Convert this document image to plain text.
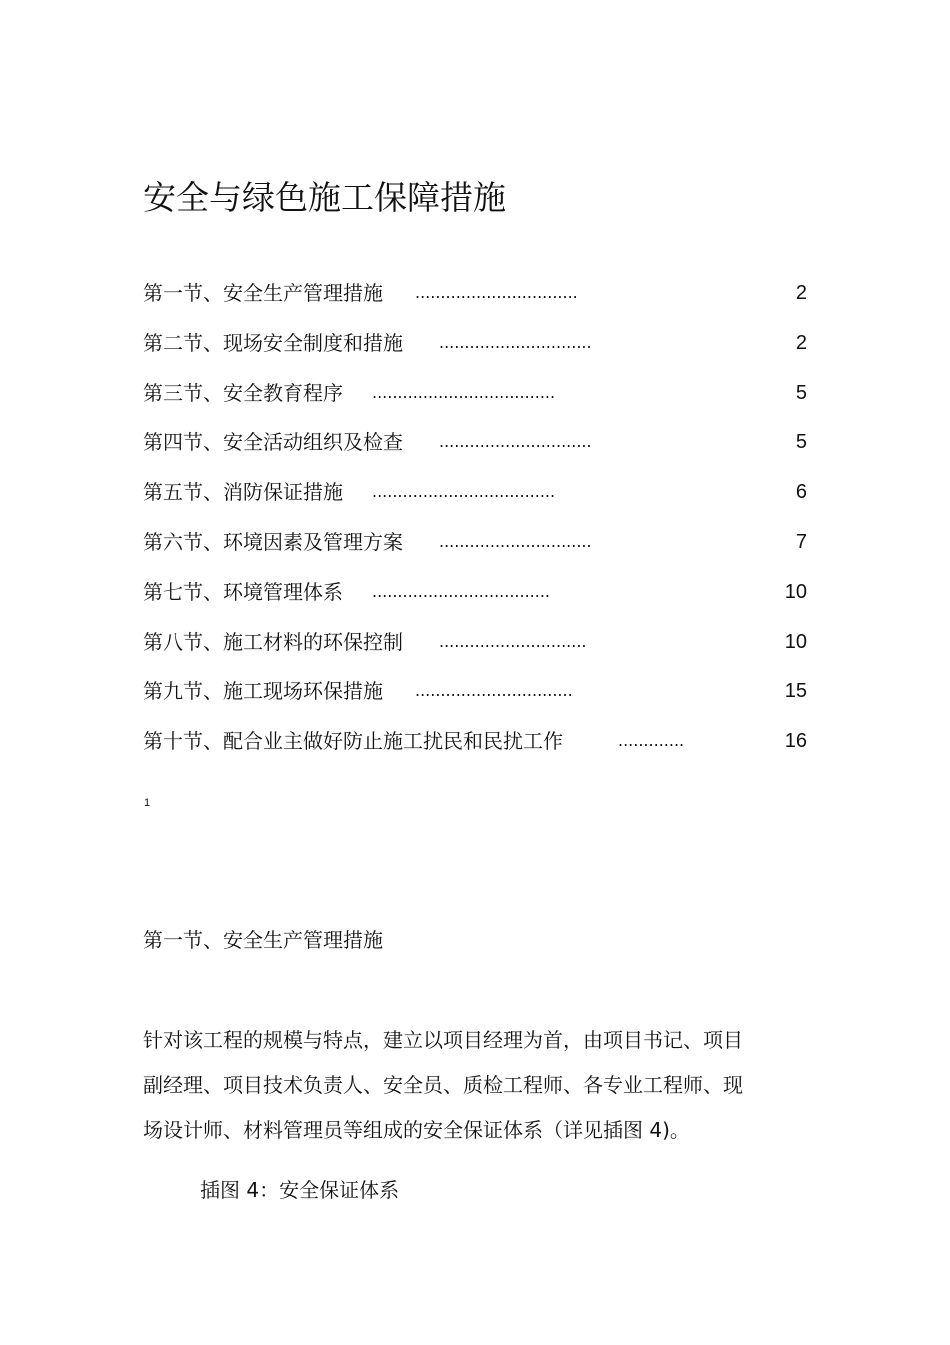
安全与绿色施工保障措施
第一节、安全生产管理措施 ................................	2
第二节、现场安全制度和措施 ..............................	2
第三节、安全教育程序 ....................................	5
第四节、安全活动组织及检查 ..............................	5
第五节、消防保证措施 ....................................	6
第六节、环境因素及管理方案 ..............................	7
第七节、环境管理体系 ...................................	10
第八节、施工材料的环保控制 .............................	10
第九节、施工现场环保措施 ...............................	15
第十节、配合业主做好防止施工扰民和民扰工作	.............	16
1
第一节、安全生产管理措施
针对该工程的规模与特点，建立以项目经理为首，由项目书记、项目
副经理、项目技术负责人、安全员、质检工程师、各专业工程师、现
场设计师、材料管理员等组成的安全保证体系（详见插图 4)。
插图 4：安全保证体系
